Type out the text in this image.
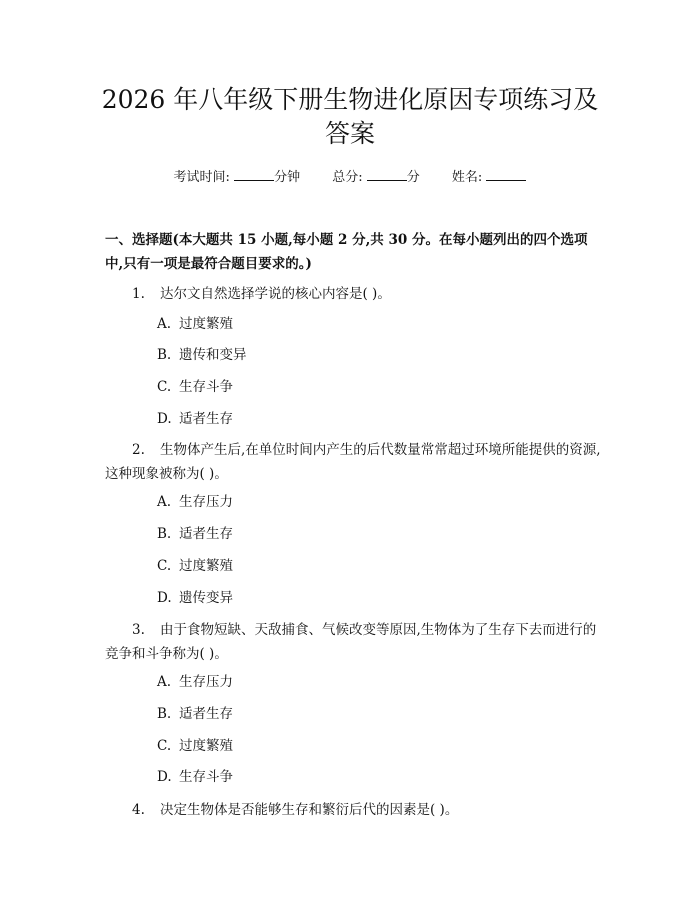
2026 年八年级下册生物进化原因专项练习及
答案
考试时间:	分钟 总分:	分 姓名:

一、选择题(本大题共 15 小题,每小题 2 分,共 30 分。在每小题列出的四个选项中,只有一项是最符合题目要求的。)

1. 达尔文自然选择学说的核心内容是( )。

A. 过度繁殖
B. 遗传和变异
C. 生存斗争
D. 适者生存

2. 生物体产生后,在单位时间内产生的后代数量常常超过环境所能提供的资源,这种现象被称为( )。

A. 生存压力
B. 适者生存
C. 过度繁殖
D. 遗传变异

3. 由于食物短缺、天敌捕食、气候改变等原因,生物体为了生存下去而进行的竞争和斗争称为( )。

A. 生存压力
B. 适者生存
C. 过度繁殖
D. 生存斗争

4. 决定生物体是否能够生存和繁衍后代的因素是( )。
